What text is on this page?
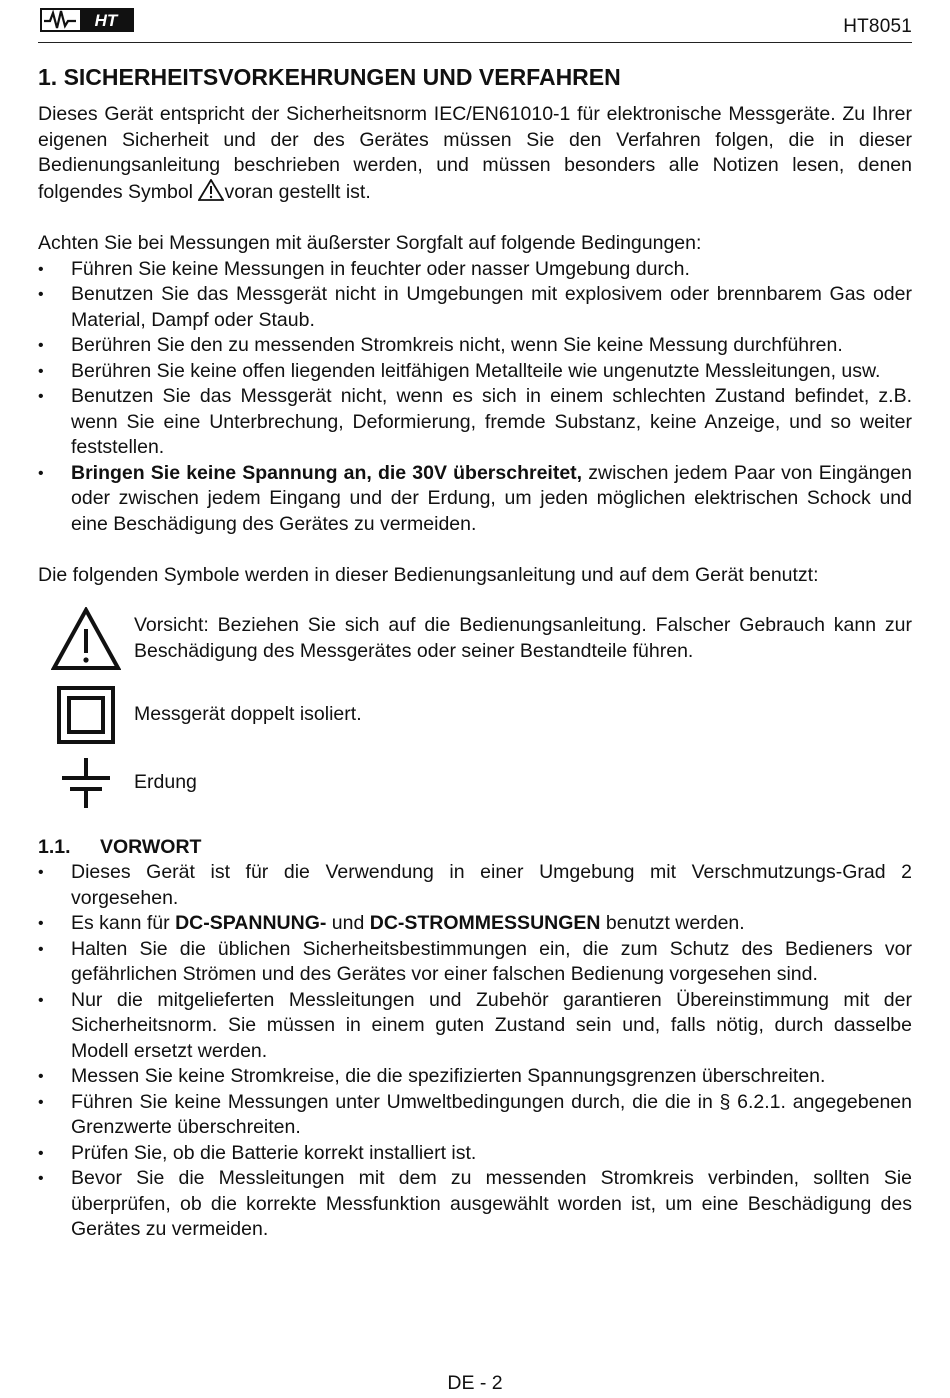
HT	HT8051
1. SICHERHEITSVORKEHRUNGEN UND VERFAHREN

Dieses Gerät entspricht der Sicherheitsnorm IEC/EN61010-1 für elektronische Messgeräte. Zu Ihrer eigenen Sicherheit und der des Gerätes müssen Sie den Verfahren folgen, die in dieser Bedienungsanleitung beschrieben werden, und müssen besonders alle Notizen lesen, denen folgendes Symbol voran gestellt ist.

Achten Sie bei Messungen mit äußerster Sorgfalt auf folgende Bedingungen:

• Führen Sie keine Messungen in feuchter oder nasser Umgebung durch.
• Benutzen Sie das Messgerät nicht in Umgebungen mit explosivem oder brennbarem Gas oder Material, Dampf oder Staub.
• Berühren Sie den zu messenden Stromkreis nicht, wenn Sie keine Messung durchführen.
• Berühren Sie keine offen liegenden leitfähigen Metallteile wie ungenutzte Messleitungen, usw.
• Benutzen Sie das Messgerät nicht, wenn es sich in einem schlechten Zustand befindet, z.B. wenn Sie eine Unterbrechung, Deformierung, fremde Substanz, keine Anzeige, und so weiter feststellen.
• Bringen Sie keine Spannung an, die 30V überschreitet, zwischen jedem Paar von Eingängen oder zwischen jedem Eingang und der Erdung, um jeden möglichen elektrischen Schock und eine Beschädigung des Gerätes zu vermeiden.

Die folgenden Symbole werden in dieser Bedienungsanleitung und auf dem Gerät benutzt:

Vorsicht: Beziehen Sie sich auf die Bedienungsanleitung. Falscher Gebrauch kann zur Beschädigung des Messgerätes oder seiner Bestandteile führen.
Messgerät doppelt isoliert.
Erdung
1.1. VORWORT
• Dieses Gerät ist für die Verwendung in einer Umgebung mit Verschmutzungs-Grad 2 vorgesehen.
• Es kann für DC-SPANNUNG- und DC-STROMMESSUNGEN benutzt werden.
• Halten Sie die üblichen Sicherheitsbestimmungen ein, die zum Schutz des Bedieners vor gefährlichen Strömen und des Gerätes vor einer falschen Bedienung vorgesehen sind.
• Nur die mitgelieferten Messleitungen und Zubehör garantieren Übereinstimmung mit der Sicherheitsnorm. Sie müssen in einem guten Zustand sein und, falls nötig, durch dasselbe Modell ersetzt werden.
• Messen Sie keine Stromkreise, die die spezifizierten Spannungsgrenzen überschreiten.
• Führen Sie keine Messungen unter Umweltbedingungen durch, die die in § 6.2.1. angegebenen Grenzwerte überschreiten.
• Prüfen Sie, ob die Batterie korrekt installiert ist.
• Bevor Sie die Messleitungen mit dem zu messenden Stromkreis verbinden, sollten Sie überprüfen, ob die korrekte Messfunktion ausgewählt worden ist, um eine Beschädigung des Gerätes zu vermeiden.
DE - 2
